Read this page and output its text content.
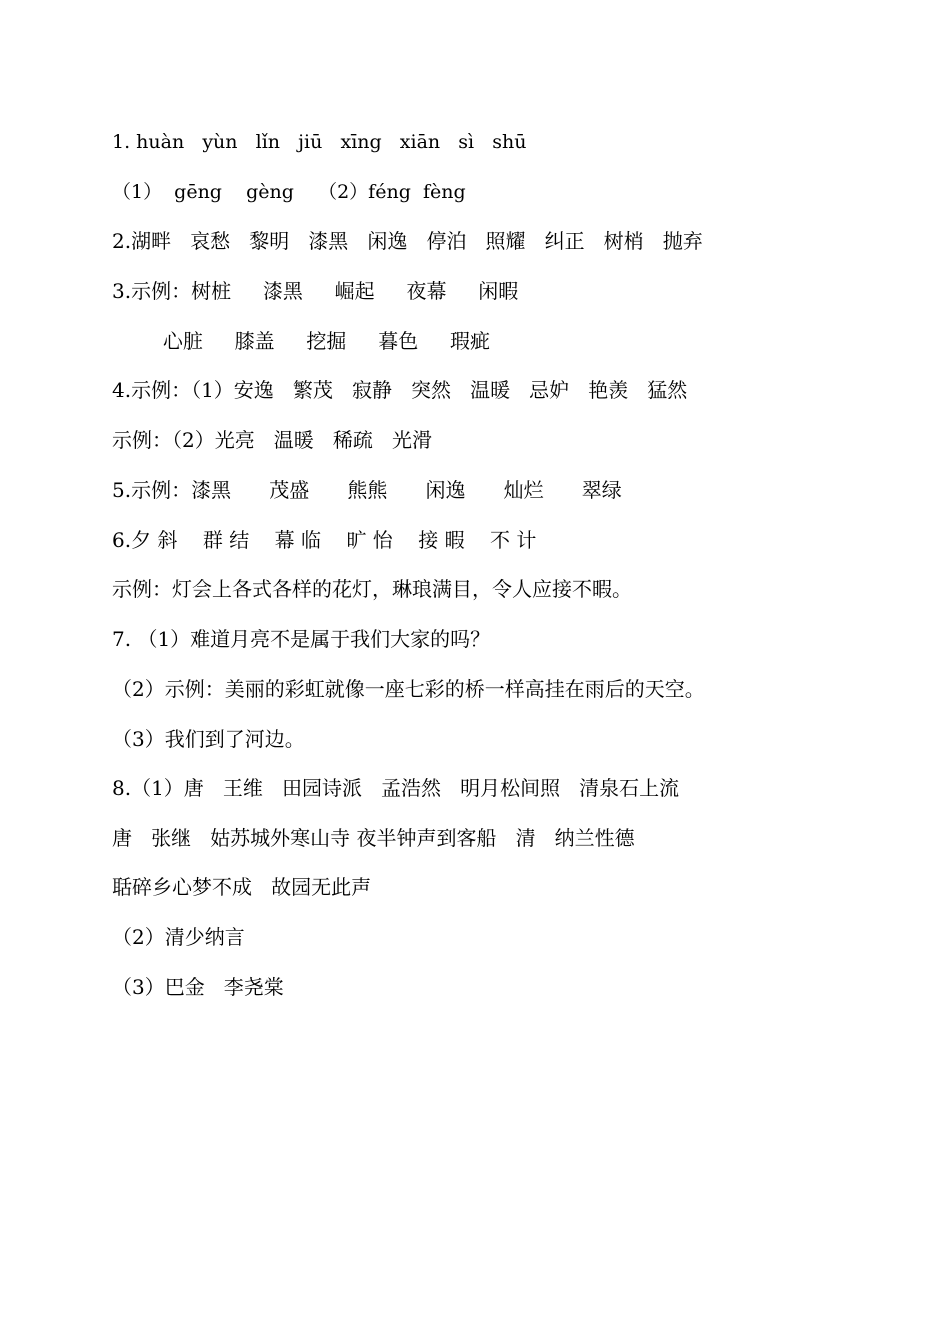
1. huàn   yùn   lǐn   jiū   xīng   xiān   sì   shū
（1）  gēng    gèng    （2）féng  fèng
2.湖畔   哀愁   黎明   漆黑   闲逸   停泊   照耀   纠正   树梢   抛弃
3.示例：树桩     漆黑     崛起     夜幕     闲暇
心脏     膝盖     挖掘     暮色     瑕疵
4.示例：（1）安逸   繁茂   寂静   突然   温暖   忌妒   艳羡   猛然
示例：（2）光亮   温暖   稀疏   光滑
5.示例：漆黑      茂盛      熊熊      闲逸      灿烂      翠绿
6.夕 斜    群 结    幕 临    旷 怡    接 暇    不 计
示例：灯会上各式各样的花灯，琳琅满目，令人应接不暇。
7. （1）难道月亮不是属于我们大家的吗？
（2）示例：美丽的彩虹就像一座七彩的桥一样高挂在雨后的天空。
（3）我们到了河边。
8.（1）唐   王维   田园诗派   孟浩然   明月松间照   清泉石上流
唐   张继   姑苏城外寒山寺 夜半钟声到客船   清   纳兰性德
聒碎乡心梦不成   故园无此声
（2）清少纳言
（3）巴金   李尧棠
